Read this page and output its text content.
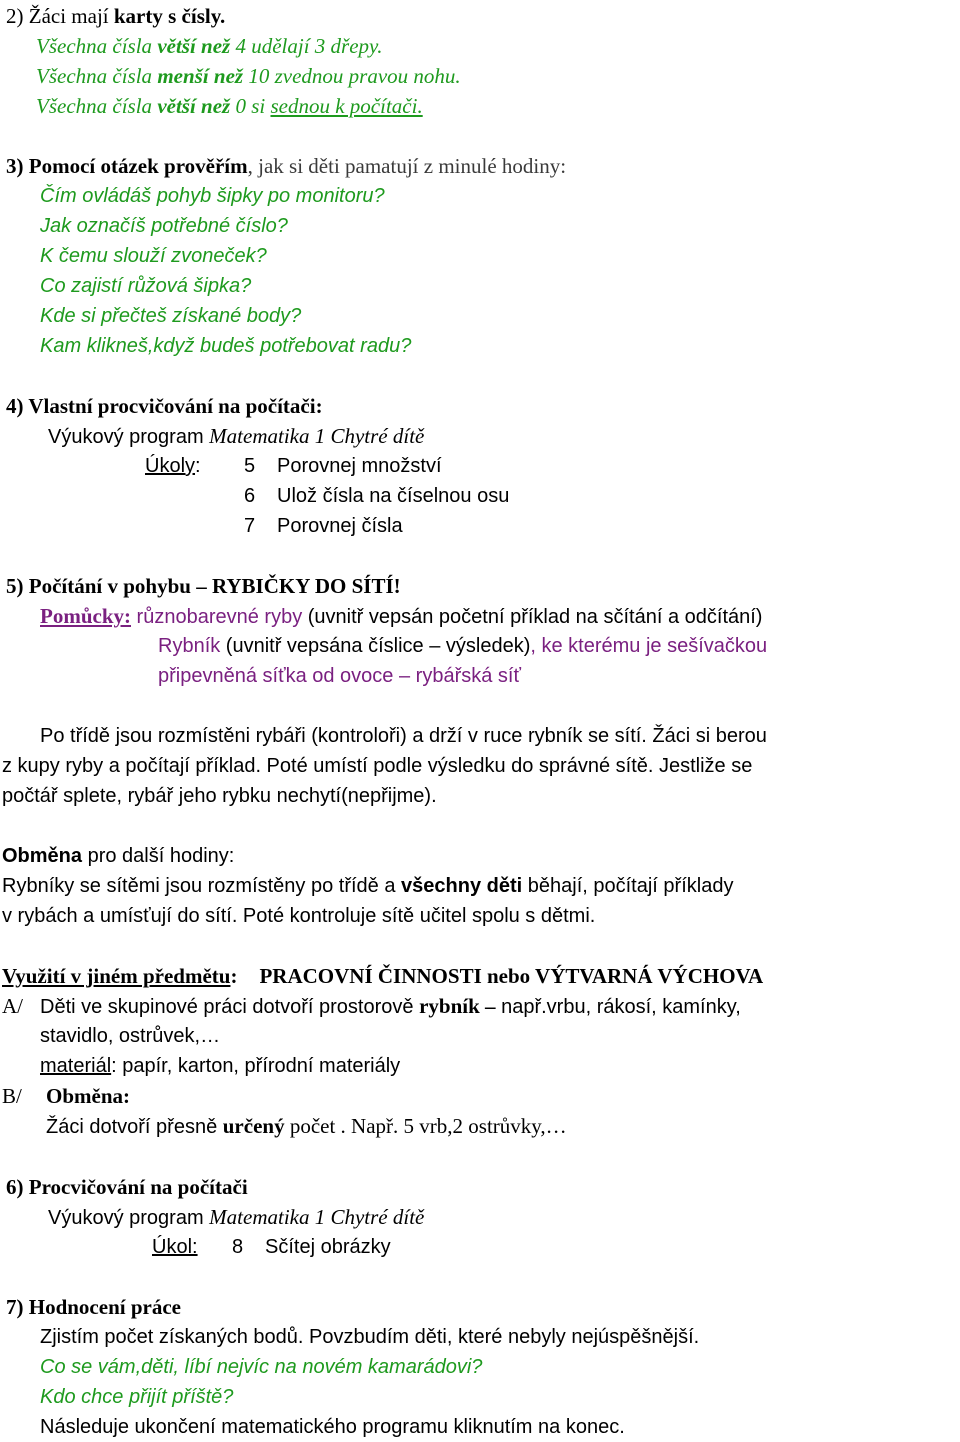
2) Žáci mají karty s čísly.
Všechna čísla větší než 4 udělají 3 dřepy.
Všechna čísla menší než 10 zvednou pravou nohu.
Všechna čísla větší než 0 si sednou k počítači.
3) Pomocí otázek prověřím, jak si děti pamatují z minulé hodiny:
Čím ovládáš pohyb šipky po monitoru?
Jak označíš potřebné číslo?
K čemu slouží zvoneček?
Co zajistí růžová šipka?
Kde si přečteš získané body?
Kam klikneš,když budeš potřebovat radu?
4) Vlastní procvičování na počítači:
Výukový program Matematika 1 Chytré dítě
Úkoly: 5 Porovnej množství
6 Ulož čísla na číselnou osu
7 Porovnej čísla
5) Počítání v pohybu – RYBIČKY DO SÍTÍ!
Pomůcky: různobarevné ryby (uvnitř vepsán početní příklad na sčítání a odčítání)
Rybník (uvnitř vepsána číslice – výsledek), ke kterému je sešívačkou
připevněná síťka od ovoce – rybářská síť
Po třídě jsou rozmístěni rybáři (kontroloři) a drží v ruce rybník se sítí. Žáci si berou
z kupy ryby a počítají příklad. Poté umístí podle výsledku do správné sítě. Jestliže se
počtář splete, rybář jeho rybku nechytí(nepřijme).
Obměna pro další hodiny:
Rybníky se sítěmi jsou rozmístěny po třídě a všechny děti běhají, počítají příklady
v rybách a umísťují do sítí. Poté kontroluje sítě učitel spolu s dětmi.
Využití v jiném předmětu: PRACOVNÍ ČINNOSTI nebo VÝTVARNÁ VÝCHOVA
A/ Děti ve skupinové práci dotvoří prostorově rybník – např.vrbu, rákosí, kamínky,
stavidlo, ostrůvek,…
materiál: papír, karton, přírodní materiály
B/ Obměna:
Žáci dotvoří přesně určený počet . Např. 5 vrb,2 ostrůvky,…
6) Procvičování na počítači
Výukový program Matematika 1 Chytré dítě
Úkol: 8 Sčítej obrázky
7) Hodnocení práce
Zjistím počet získaných bodů. Povzbudím děti, které nebyly nejúspěšnější.
Co se vám,děti, líbí nejvíc na novém kamarádovi?
Kdo chce přijít příště?
Následuje ukončení matematického programu kliknutím na konec.
